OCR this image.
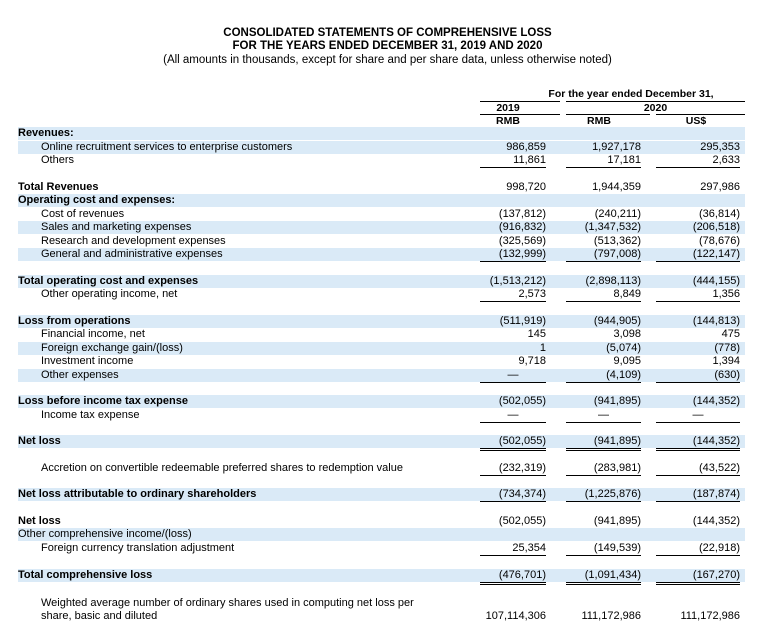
CONSOLIDATED STATEMENTS OF COMPREHENSIVE LOSS
FOR THE YEARS ENDED DECEMBER 31, 2019 AND 2020
(All amounts in thousands, except for share and per share data, unless otherwise noted)
For the year ended December 31,
2019	2020
RMB	RMB	US$
Revenues:
Online recruitment services to enterprise customers	986,859	1,927,178	295,353
Others	11,861	17,181	2,633
Total Revenues	998,720	1,944,359	297,986
Operating cost and expenses:
Cost of revenues	(137,812)	(240,211)	(36,814)
Sales and marketing expenses	(916,832)	(1,347,532)	(206,518)
Research and development expenses	(325,569)	(513,362)	(78,676)
General and administrative expenses	(132,999)	(797,008)	(122,147)
Total operating cost and expenses	(1,513,212)	(2,898,113)	(444,155)
Other operating income, net	2,573	8,849	1,356
Loss from operations	(511,919)	(944,905)	(144,813)
Financial income, net	145	3,098	475
Foreign exchange gain/(loss)	1	(5,074)	(778)
Investment income	9,718	9,095	1,394
Other expenses	—	(4,109)	(630)
Loss before income tax expense	(502,055)	(941,895)	(144,352)
Income tax expense	—	—	—
Net loss	(502,055)	(941,895)	(144,352)
Accretion on convertible redeemable preferred shares to redemption value	(232,319)	(283,981)	(43,522)
Net loss attributable to ordinary shareholders	(734,374)	(1,225,876)	(187,874)
Net loss	(502,055)	(941,895)	(144,352)
Other comprehensive income/(loss)
Foreign currency translation adjustment	25,354	(149,539)	(22,918)
Total comprehensive loss	(476,701)	(1,091,434)	(167,270)
Weighted average number of ordinary shares used in computing net loss per
share, basic and diluted	107,114,306	111,172,986	111,172,986
